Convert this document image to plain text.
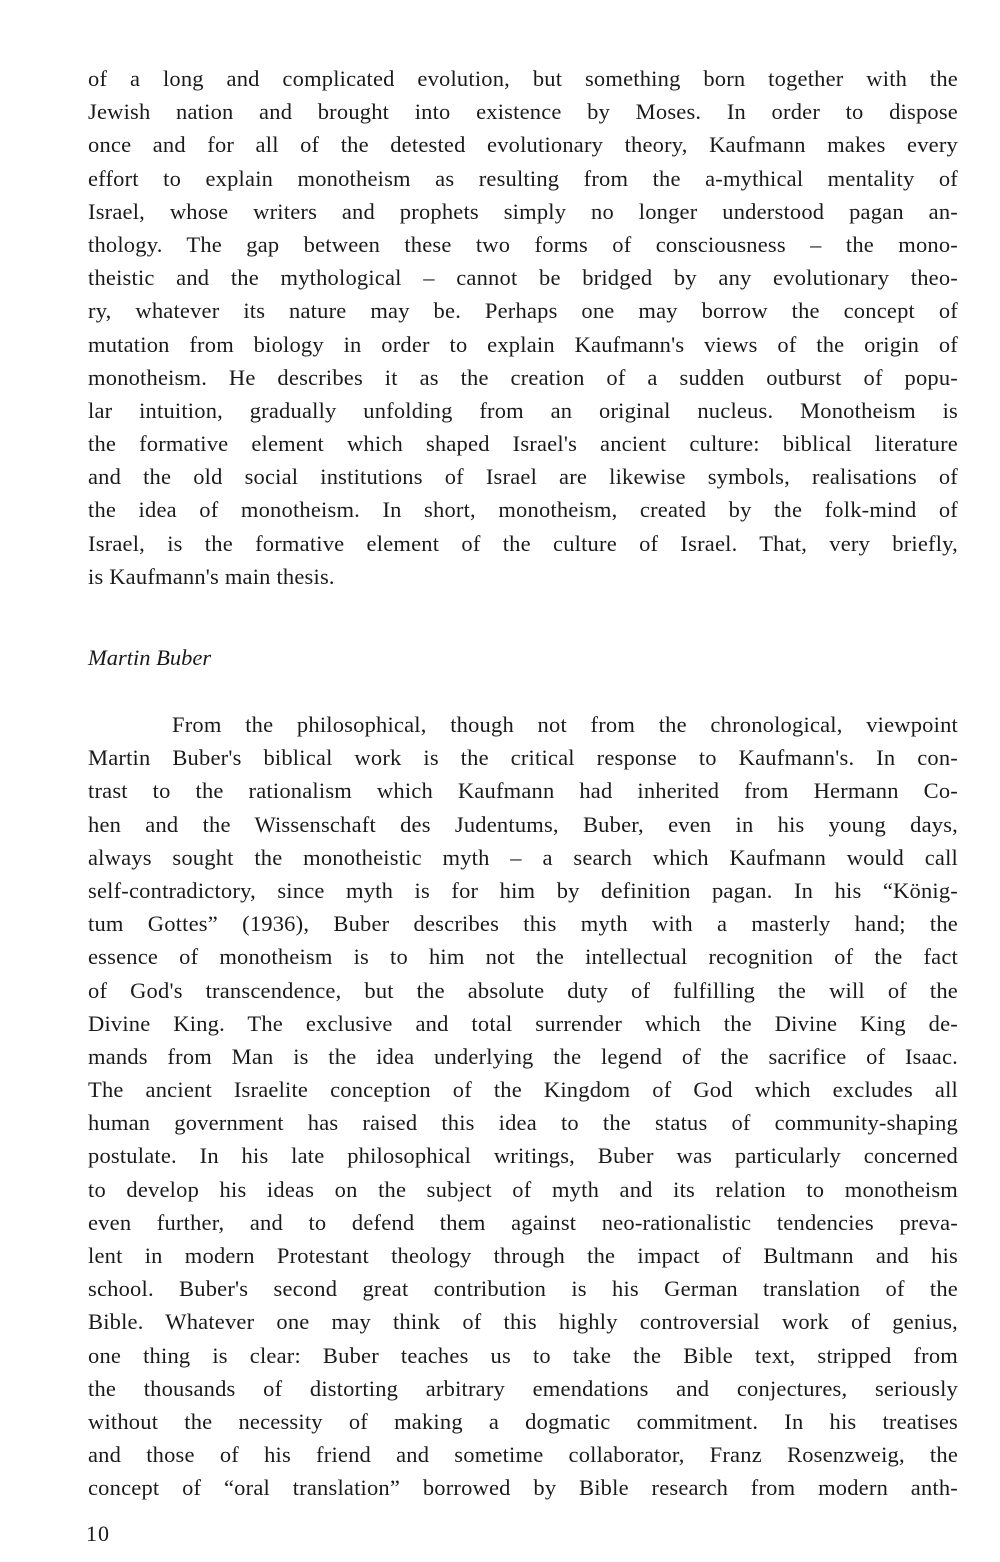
of a long and complicated evolution, but something born together with the
Jewish nation and brought into existence by Moses. In order to dispose
once and for all of the detested evolutionary theory, Kaufmann makes every
effort to explain monotheism as resulting from the a-mythical mentality of
Israel, whose writers and prophets simply no longer understood pagan an-
thology. The gap between these two forms of consciousness – the mono-
theistic and the mythological – cannot be bridged by any evolutionary theo-
ry, whatever its nature may be. Perhaps one may borrow the concept of
mutation from biology in order to explain Kaufmann's views of the origin of
monotheism. He describes it as the creation of a sudden outburst of popu-
lar intuition, gradually unfolding from an original nucleus. Monotheism is
the formative element which shaped Israel's ancient culture: biblical literature
and the old social institutions of Israel are likewise symbols, realisations of
the idea of monotheism. In short, monotheism, created by the folk-mind of
Israel, is the formative element of the culture of Israel. That, very briefly,
is Kaufmann's main thesis.
Martin Buber
From the philosophical, though not from the chronological, viewpoint
Martin Buber's biblical work is the critical response to Kaufmann's. In con-
trast to the rationalism which Kaufmann had inherited from Hermann Co-
hen and the Wissenschaft des Judentums, Buber, even in his young days,
always sought the monotheistic myth – a search which Kaufmann would call
self-contradictory, since myth is for him by definition pagan. In his “König-
tum Gottes” (1936), Buber describes this myth with a masterly hand; the
essence of monotheism is to him not the intellectual recognition of the fact
of God's transcendence, but the absolute duty of fulfilling the will of the
Divine King. The exclusive and total surrender which the Divine King de-
mands from Man is the idea underlying the legend of the sacrifice of Isaac.
The ancient Israelite conception of the Kingdom of God which excludes all
human government has raised this idea to the status of community-shaping
postulate. In his late philosophical writings, Buber was particularly concerned
to develop his ideas on the subject of myth and its relation to monotheism
even further, and to defend them against neo-rationalistic tendencies preva-
lent in modern Protestant theology through the impact of Bultmann and his
school. Buber's second great contribution is his German translation of the
Bible. Whatever one may think of this highly controversial work of genius,
one thing is clear: Buber teaches us to take the Bible text, stripped from
the thousands of distorting arbitrary emendations and conjectures, seriously
without the necessity of making a dogmatic commitment. In his treatises
and those of his friend and sometime collaborator, Franz Rosenzweig, the
concept of “oral translation” borrowed by Bible research from modern anth-
10
